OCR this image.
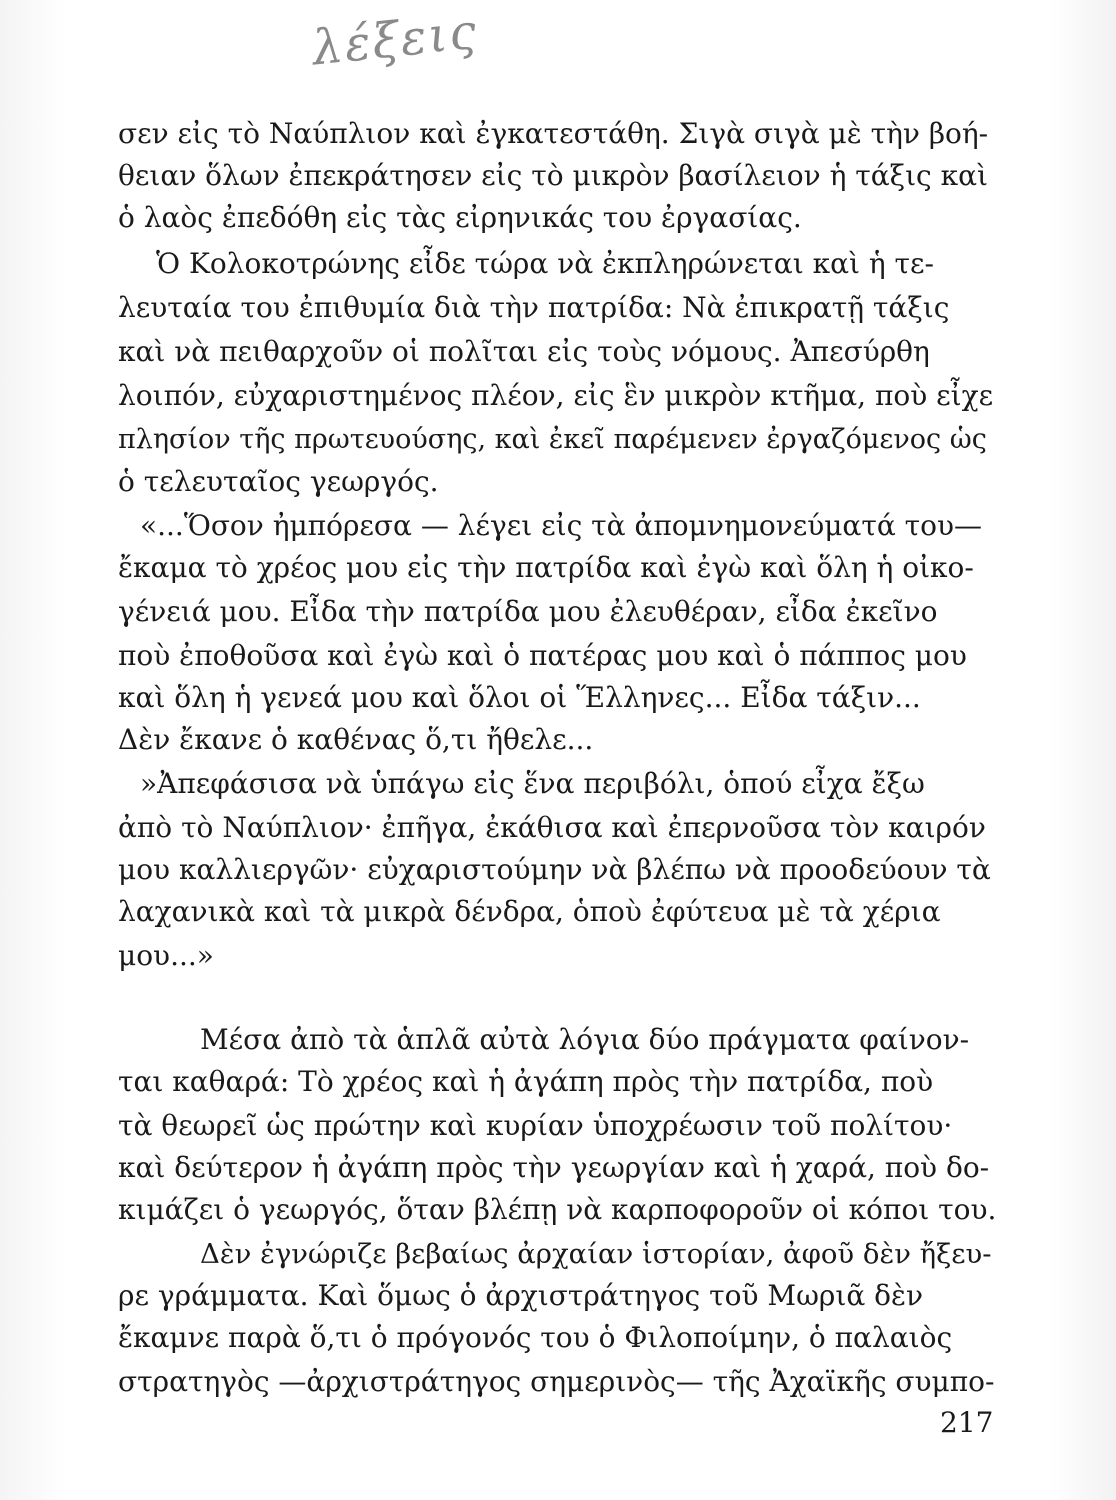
λέξεις
σεν εἰς τὸ Ναύπλιον καὶ ἐγκατεστάθη. Σιγὰ σιγὰ μὲ τὴν βοή-
θειαν ὅλων ἐπεκράτησεν εἰς τὸ μικρὸν βασίλειον ἡ τάξις καὶ
ὁ λαὸς ἐπεδόθη εἰς τὰς εἰρηνικάς του ἐργασίας.
Ὁ Κολοκοτρώνης εἶδε τώρα νὰ ἐκπληρώνεται καὶ ἡ τε-
λευταία του ἐπιθυμία διὰ τὴν πατρίδα: Νὰ ἐπικρατῇ τάξις
καὶ νὰ πειθαρχοῦν οἱ πολῖται εἰς τοὺς νόμους. Ἀπεσύρθη
λοιπόν, εὐχαριστημένος πλέον, εἰς ἓν μικρὸν κτῆμα, ποὺ εἶχε
πλησίον τῆς πρωτευούσης, καὶ ἐκεῖ παρέμενεν ἐργαζόμενος ὡς
ὁ τελευταῖος γεωργός.
«...Ὅσον ἠμπόρεσα — λέγει εἰς τὰ ἀπομνημονεύματά του—
ἔκαμα τὸ χρέος μου εἰς τὴν πατρίδα καὶ ἐγὼ καὶ ὅλη ἡ οἰκο-
γένειά μου. Εἶδα τὴν πατρίδα μου ἐλευθέραν, εἶδα ἐκεῖνο
ποὺ ἐποθοῦσα καὶ ἐγὼ καὶ ὁ πατέρας μου καὶ ὁ πάππος μου
καὶ ὅλη ἡ γενεά μου καὶ ὅλοι οἱ Ἕλληνες... Εἶδα τάξιν...
Δὲν ἔκανε ὁ καθένας ὅ,τι ἤθελε...
»Ἀπεφάσισα νὰ ὑπάγω εἰς ἕνα περιβόλι, ὁπού εἶχα ἔξω
ἀπὸ τὸ Ναύπλιον· ἐπῆγα, ἐκάθισα καὶ ἐπερνοῦσα τὸν καιρόν
μου καλλιεργῶν· εὐχαριστούμην νὰ βλέπω νὰ προοδεύουν τὰ
λαχανικὰ καὶ τὰ μικρὰ δένδρα, ὁποὺ ἐφύτευα μὲ τὰ χέρια
μου...»
Μέσα ἀπὸ τὰ ἁπλᾶ αὐτὰ λόγια δύο πράγματα φαίνον-
ται καθαρά: Τὸ χρέος καὶ ἡ ἀγάπη πρὸς τὴν πατρίδα, ποὺ
τὰ θεωρεῖ ὡς πρώτην καὶ κυρίαν ὑποχρέωσιν τοῦ πολίτου·
καὶ δεύτερον ἡ ἀγάπη πρὸς τὴν γεωργίαν καὶ ἡ χαρά, ποὺ δο-
κιμάζει ὁ γεωργός, ὅταν βλέπῃ νὰ καρποφοροῦν οἱ κόποι του.
Δὲν ἐγνώριζε βεβαίως ἀρχαίαν ἱστορίαν, ἀφοῦ δὲν ἤξευ-
ρε γράμματα. Καὶ ὅμως ὁ ἀρχιστράτηγος τοῦ Μωριᾶ δὲν
ἔκαμνε παρὰ ὅ,τι ὁ πρόγονός του ὁ Φιλοποίμην, ὁ παλαιὸς
στρατηγὸς —ἀρχιστράτηγος σημερινὸς— τῆς Ἀχαϊκῆς συμπο-
217
